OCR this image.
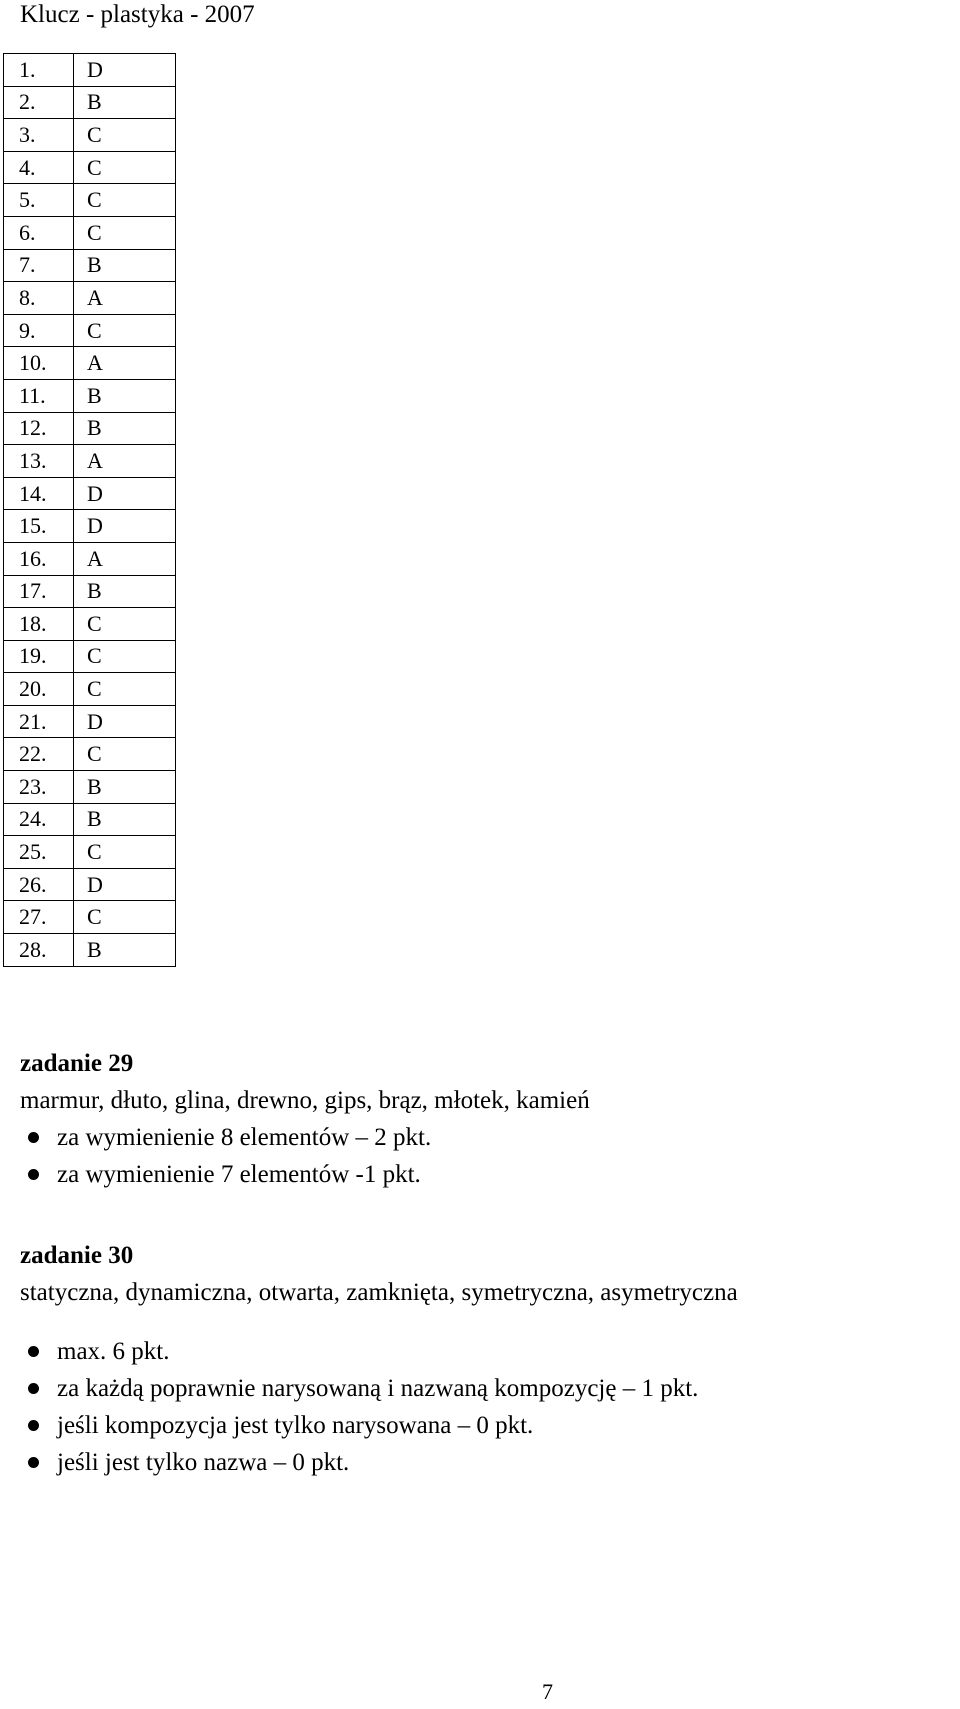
Klucz - plastyka - 2007
1.	D
2.	B
3.	C
4.	C
5.	C
6.	C
7.	B
8.	A
9.	C
10.	A
11.	B
12.	B
13.	A
14.	D
15.	D
16.	A
17.	B
18.	C
19.	C
20.	C
21.	D
22.	C
23.	B
24.	B
25.	C
26.	D
27.	C
28.	B
zadanie 29

marmur, dłuto, glina, drewno, gips, brąz, młotek, kamień

za wymienienie 8 elementów – 2 pkt.
za wymienienie 7 elementów -1 pkt.
zadanie 30

statyczna, dynamiczna, otwarta, zamknięta, symetryczna, asymetryczna

max. 6 pkt.
za każdą poprawnie narysowaną i nazwaną kompozycję – 1 pkt.
jeśli kompozycja jest tylko narysowana – 0 pkt.
jeśli jest tylko nazwa – 0 pkt.
7
